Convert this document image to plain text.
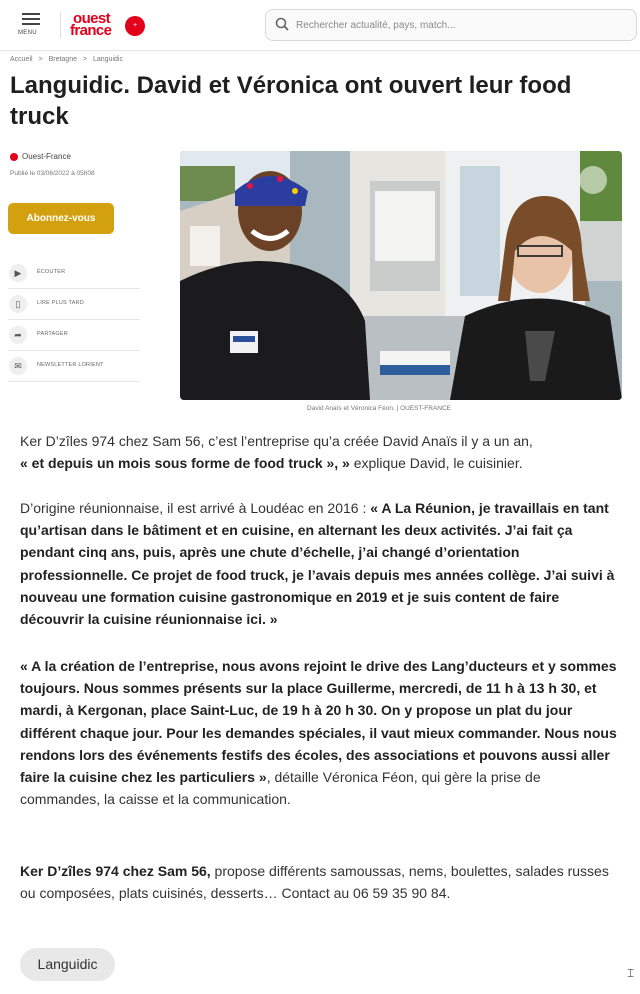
MENU
ouest
france	+
Rechercher actualité, pays, match...
Accueil > Bretagne > Languidic
Languidic. David et Véronica ont ouvert leur food truck
Ouest-France
Publié le 03/06/2022 à 05h08
Abonnez-vous
▶	ÉCOUTER
▯	LIRE PLUS TARD
➦	PARTAGER
✉	NEWSLETTER LORIENT
David Anaïs et Véronica Féon. | OUEST-FRANCE

Ker D’zîles 974 chez Sam 56, c’est l’entreprise qu’a créée David Anaïs il y a un an,
« et depuis un mois sous forme de food truck », » explique David, le cuisinier.

D’origine réunionnaise, il est arrivé à Loudéac en 2016 : « A La Réunion, je travaillais en tant qu’artisan dans le bâtiment et en cuisine, en alternant les deux activités. J’ai fait ça pendant cinq ans, puis, après une chute d’échelle, j’ai changé d’orientation professionnelle. Ce projet de food truck, je l’avais depuis mes années collège. J’ai suivi à nouveau une formation cuisine gastronomique en 2019 et je suis content de faire découvrir la cuisine réunionnaise ici. »

« A la création de l’entreprise, nous avons rejoint le drive des Lang’ducteurs et y sommes toujours. Nous sommes présents sur la place Guillerme, mercredi, de 11 h à 13 h 30, et mardi, à Kergonan, place Saint-Luc, de 19 h à 20 h 30. On y propose un plat du jour différent chaque jour. Pour les demandes spéciales, il vaut mieux commander. Nous nous rendons lors des événements festifs des écoles, des associations et pouvons aussi aller faire la cuisine chez les particuliers », détaille Véronica Féon, qui gère la prise de commandes, la caisse et la communication.

Ker D’zîles 974 chez Sam 56, propose différents samoussas, nems, boulettes, salades russes ou composées, plats cuisinés, desserts… Contact au 06 59 35 90 84.

Languidic
⌶
